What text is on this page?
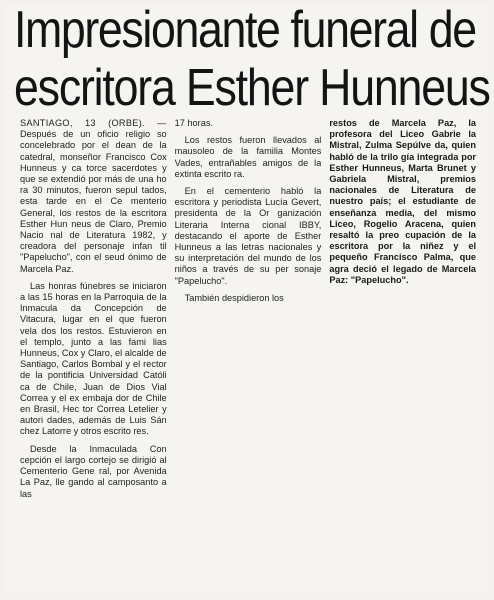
Impresionante funeral de
escritora Esther Hunneus

SANTIAGO, 13 (ORBE). — Después de un oficio religio so concelebrado por el dean de la catedral, monseñor Francisco Cox Hunneus y ca torce sacerdotes y que se extendió por más de una ho ra 30 minutos, fueron sepul tados, esta tarde en el Ce menterio General, los restos de la escritora Esther Hun neus de Claro, Premio Nacio nal de Literatura 1982, y creadora del personaje infan til "Papelucho", con el seud ónimo de Marcela Paz.

Las honras fúnebres se iniciaron a las 15 horas en la Parroquia de la Inmacula da Concepción de Vitacura, lugar en el que fueron vela dos los restos. Estuvieron en el templo, junto a las fami lias Hunneus, Cox y Claro, el alcalde de Santiago, Carlos Bombal y el rector de la pontificia Universidad Católi ca de Chile, Juan de Dios Vial Correa y el ex embaja dor de Chile en Brasil, Hec tor Correa Letelier y autori dades, además de Luis Sán chez Latorre y otros escrito res.

Desde la Inmaculada Con cepción el largo cortejo se dirigió al Cementerio Gene ral, por Avenida La Paz, lle gando al camposanto a las

17 horas.

Los restos fueron llevados al mausoleo de la familia Montes Vades, entrañables amigos de la extinta escrito ra.

En el cementerio habló la escritora y periodista Lucía Gevert, presidenta de la Or ganización Literaria Interna cional IBBY, destacando el aporte de Esther Hunneus a las letras nacionales y su interpretación del mundo de los niños a través de su per sonaje "Papelucho".

También despidieron los

restos de Marcela Paz, la profesora del Liceo Gabrie la Mistral, Zulma Sepúlve da, quien habló de la trilo gía integrada por Esther Hunneus, Marta Brunet y Gabriela Mistral, premios nacionales de Literatura de nuestro país; el estudiante de enseñanza media, del mismo Liceo, Rogelio Aracena, quien resaltó la preo cupación de la escritora por la niñez y el pequeño Francisco Palma, que agra deció el legado de Marcela Paz: "Papelucho".
